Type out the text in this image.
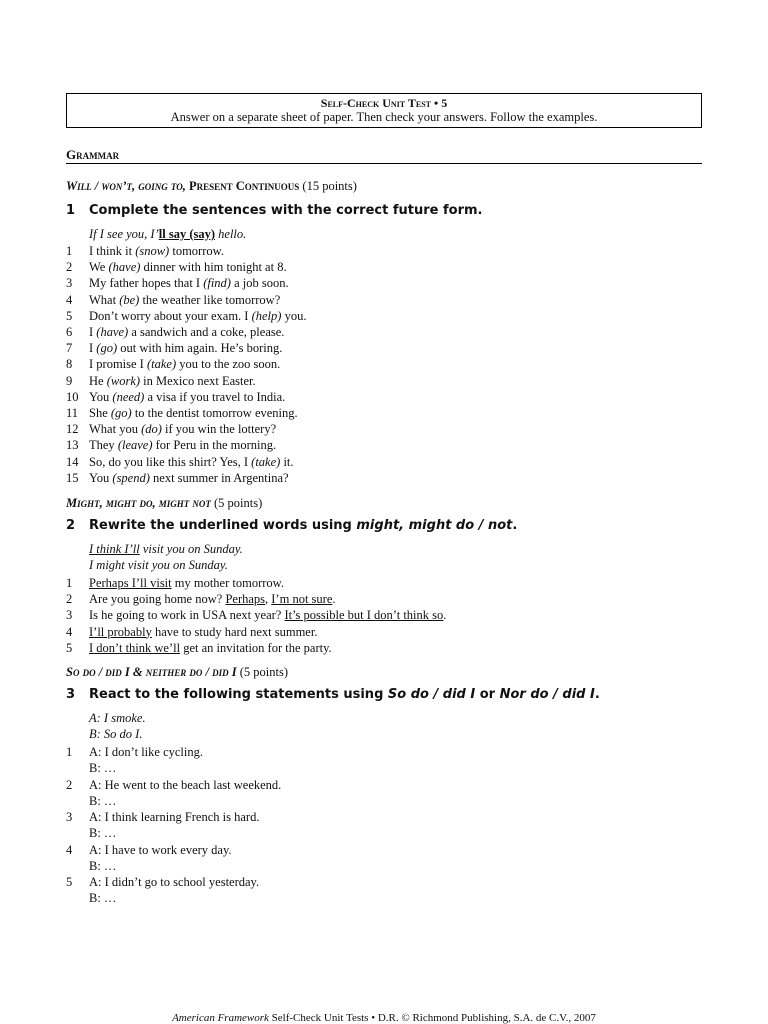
Self-Check Unit Test • 5
Answer on a separate sheet of paper. Then check your answers. Follow the examples.
Grammar
Will / won’t, going to, Present Continuous (15 points)
1 Complete the sentences with the correct future form.
If I see you, I’ll say (say) hello.
1 I think it (snow) tomorrow.
2 We (have) dinner with him tonight at 8.
3 My father hopes that I (find) a job soon.
4 What (be) the weather like tomorrow?
5 Don’t worry about your exam. I (help) you.
6 I (have) a sandwich and a coke, please.
7 I (go) out with him again. He’s boring.
8 I promise I (take) you to the zoo soon.
9 He (work) in Mexico next Easter.
10 You (need) a visa if you travel to India.
11 She (go) to the dentist tomorrow evening.
12 What you (do) if you win the lottery?
13 They (leave) for Peru in the morning.
14 So, do you like this shirt? Yes, I (take) it.
15 You (spend) next summer in Argentina?
Might, might do, might not (5 points)
2 Rewrite the underlined words using might, might do / not.
I think I’ll visit you on Sunday.
I might visit you on Sunday.
1 Perhaps I’ll visit my mother tomorrow.
2 Are you going home now? Perhaps, I’m not sure.
3 Is he going to work in USA next year? It’s possible but I don’t think so.
4 I’ll probably have to study hard next summer.
5 I don’t think we’ll get an invitation for the party.
So do / did I & neither do / did I (5 points)
3 React to the following statements using So do / did I or Nor do / did I.
A: I smoke.
B: So do I.
1 A: I don’t like cycling.
B: …
2 A: He went to the beach last weekend.
B: …
3 A: I think learning French is hard.
B: …
4 A: I have to work every day.
B: …
5 A: I didn’t go to school yesterday.
B: …
American Framework Self-Check Unit Tests • D.R. © Richmond Publishing, S.A. de C.V., 2007
